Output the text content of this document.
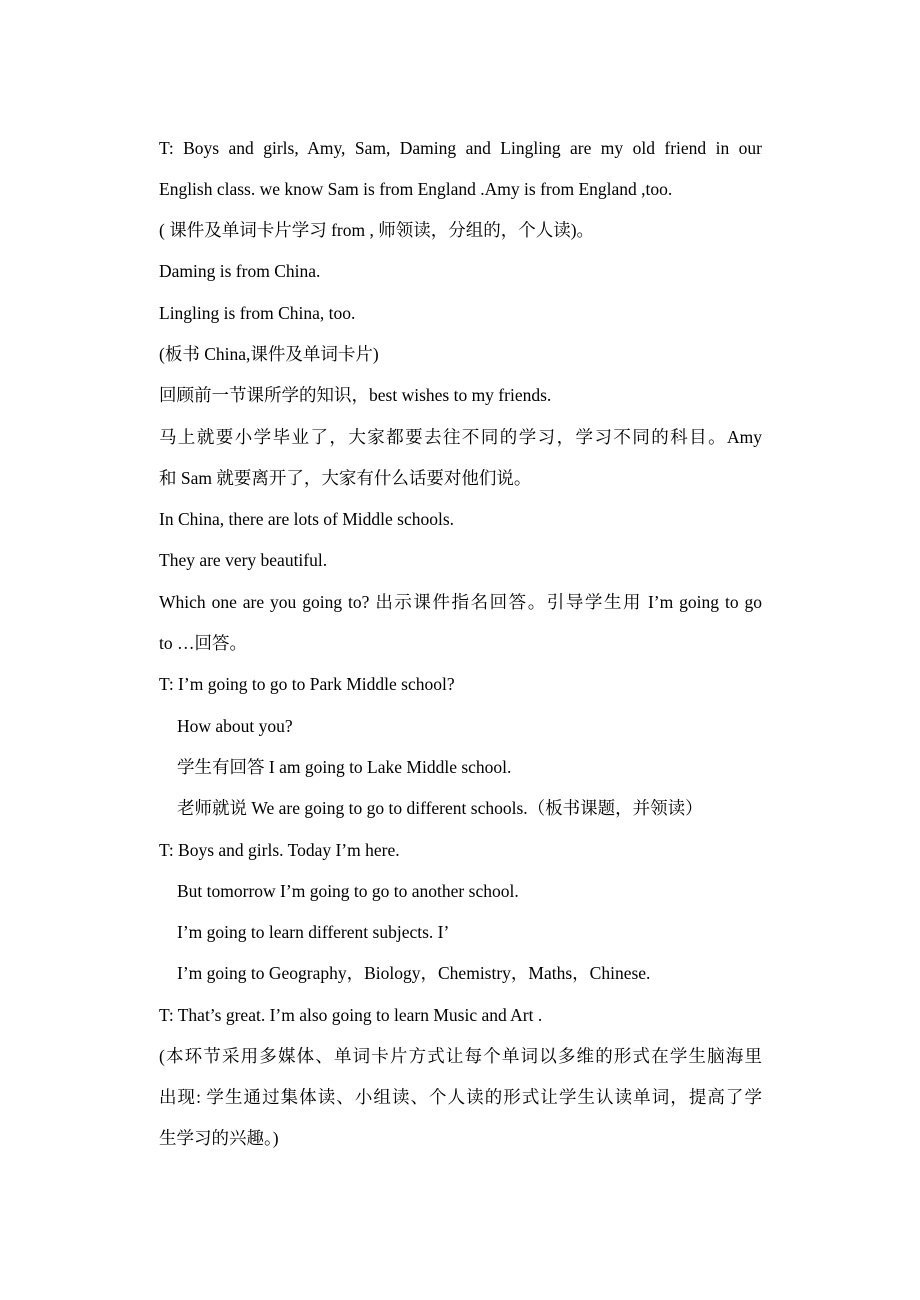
T: Boys and girls, Amy, Sam, Daming and Lingling are my old friend in our
English class. we know Sam is from England .Amy is from England ,too.
( 课件及单词卡片学习 from , 师领读，分组的，个人读)。
Daming is from China.
Lingling is from China, too.
(板书 China,课件及单词卡片)
回顾前一节课所学的知识，best wishes to my friends.
马上就要小学毕业了，大家都要去往不同的学习，学习不同的科目。Amy
和 Sam 就要离开了，大家有什么话要对他们说。
In China, there are lots of Middle schools.
They are very beautiful.
Which one are you going to? 出示课件指名回答。引导学生用 I’m going to go
to …回答。
T: I’m going to go to Park Middle school?
How about you?
学生有回答 I am going to Lake Middle school.
老师就说 We are going to go to different schools.（板书课题，并领读）
T: Boys and girls. Today I’m here.
But tomorrow I’m going to go to another school.
I’m going to learn different subjects. I’
I’m going to Geography，Biology，Chemistry，Maths，Chinese.
T: That’s great. I’m also going to learn Music and Art .
(本环节采用多媒体、单词卡片方式让每个单词以多维的形式在学生脑海里
出现: 学生通过集体读、小组读、个人读的形式让学生认读单词，提高了学
生学习的兴趣。)
